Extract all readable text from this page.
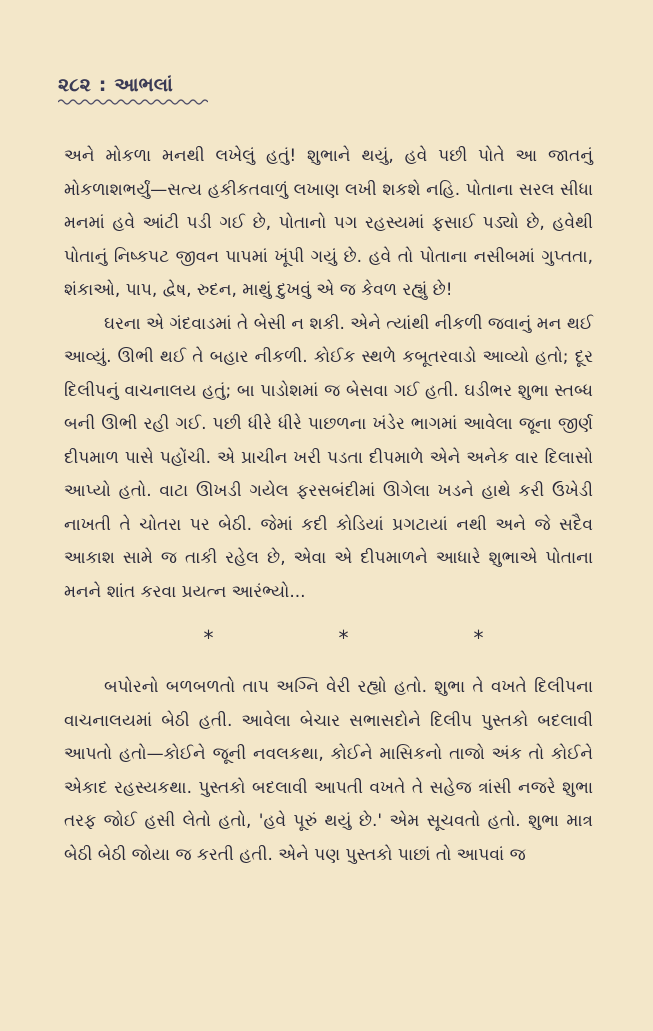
૨૮૨ : આભલાં

અને મોકળા મનથી લખેલું હતું! શુભાને થયું, હવે પછી પોતે આ જાતનું મોકળાશભર્યું—સત્ય હકીકતવાળું લખાણ લખી શકશે નહિ. પોતાના સરલ સીધા મનમાં હવે આંટી પડી ગઈ છે, પોતાનો પગ રહસ્યમાં ફસાઈ પડ્યો છે, હવેથી પોતાનું નિષ્કપટ જીવન પાપમાં ખૂંપી ગયું છે. હવે તો પોતાના નસીબમાં ગુપ્તતા, શંકાઓ, પાપ, દ્વેષ, રુદન, માથું દુખવું એ જ કેવળ રહ્યું છે!

ઘરના એ ગંદવાડમાં તે બેસી ન શકી. એને ત્યાંથી નીકળી જવાનું મન થઈ આવ્યું. ઊભી થઈ તે બહાર નીકળી. કોઈક સ્થળે કબૂતરવાડો આવ્યો હતો; દૂર દિલીપનું વાચનાલય હતું; બા પાડોશમાં જ બેસવા ગઈ હતી. ઘડીભર શુભા સ્તબ્ધ બની ઊભી રહી ગઈ. પછી ધીરે ધીરે પાછળના ખંડેર ભાગમાં આવેલા જૂના જીર્ણ દીપમાળ પાસે પહોંચી. એ પ્રાચીન ખરી પડતા દીપમાળે એને અનેક વાર દિલાસો આપ્યો હતો. વાટા ઊખડી ગયેલ ફરસબંદીમાં ઊગેલા ખડને હાથે કરી ઉખેડી નાખતી તે ચોતરા પર બેઠી. જેમાં કદી કોડિયાં પ્રગટાયાં નથી અને જે સદૈવ આકાશ સામે જ તાકી રહેલ છે, એવા એ દીપમાળને આધારે શુભાએ પોતાના મનને શાંત કરવા પ્રયત્ન આરંભ્યો...

*	*	*

બપોરનો બળબળતો તાપ અગ્નિ વેરી રહ્યો હતો. શુભા તે વખતે દિલીપના વાચનાલયમાં બેઠી હતી. આવેલા બેચાર સભાસદોને દિલીપ પુસ્તકો બદલાવી આપતો હતો—કોઈને જૂની નવલકથા, કોઈને માસિકનો તાજો અંક તો કોઈને એકાદ રહસ્યકથા. પુસ્તકો બદલાવી આપતી વખતે તે સહેજ ત્રાંસી નજરે શુભા તરફ જોઈ હસી લેતો હતો, 'હવે પૂરું થયું છે.' એમ સૂચવતો હતો. શુભા માત્ર બેઠી બેઠી જોયા જ કરતી હતી. એને પણ પુસ્તકો પાછાં તો આપવાં જ
